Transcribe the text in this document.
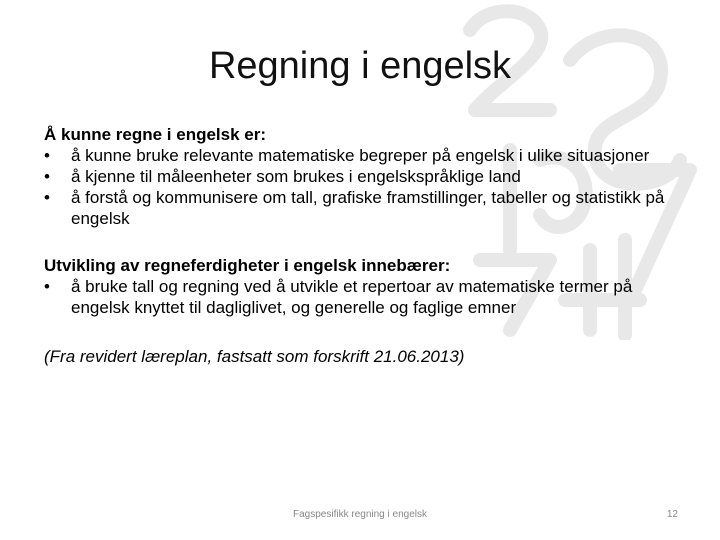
Regning i engelsk

Å kunne regne i engelsk er:

• å kunne bruke relevante matematiske begreper på engelsk i ulike situasjoner
• å kjenne til måleenheter som brukes i engelskspråklige land
• å forstå og kommunisere om tall, grafiske framstillinger, tabeller og statistikk på engelsk

Utvikling av regneferdigheter i engelsk innebærer:

• å bruke tall og regning ved å utvikle et repertoar av matematiske termer på engelsk knyttet til dagliglivet, og generelle og faglige emner

(Fra revidert læreplan, fastsatt som forskrift 21.06.2013)

Fagspesifikk regning i engelsk	12
